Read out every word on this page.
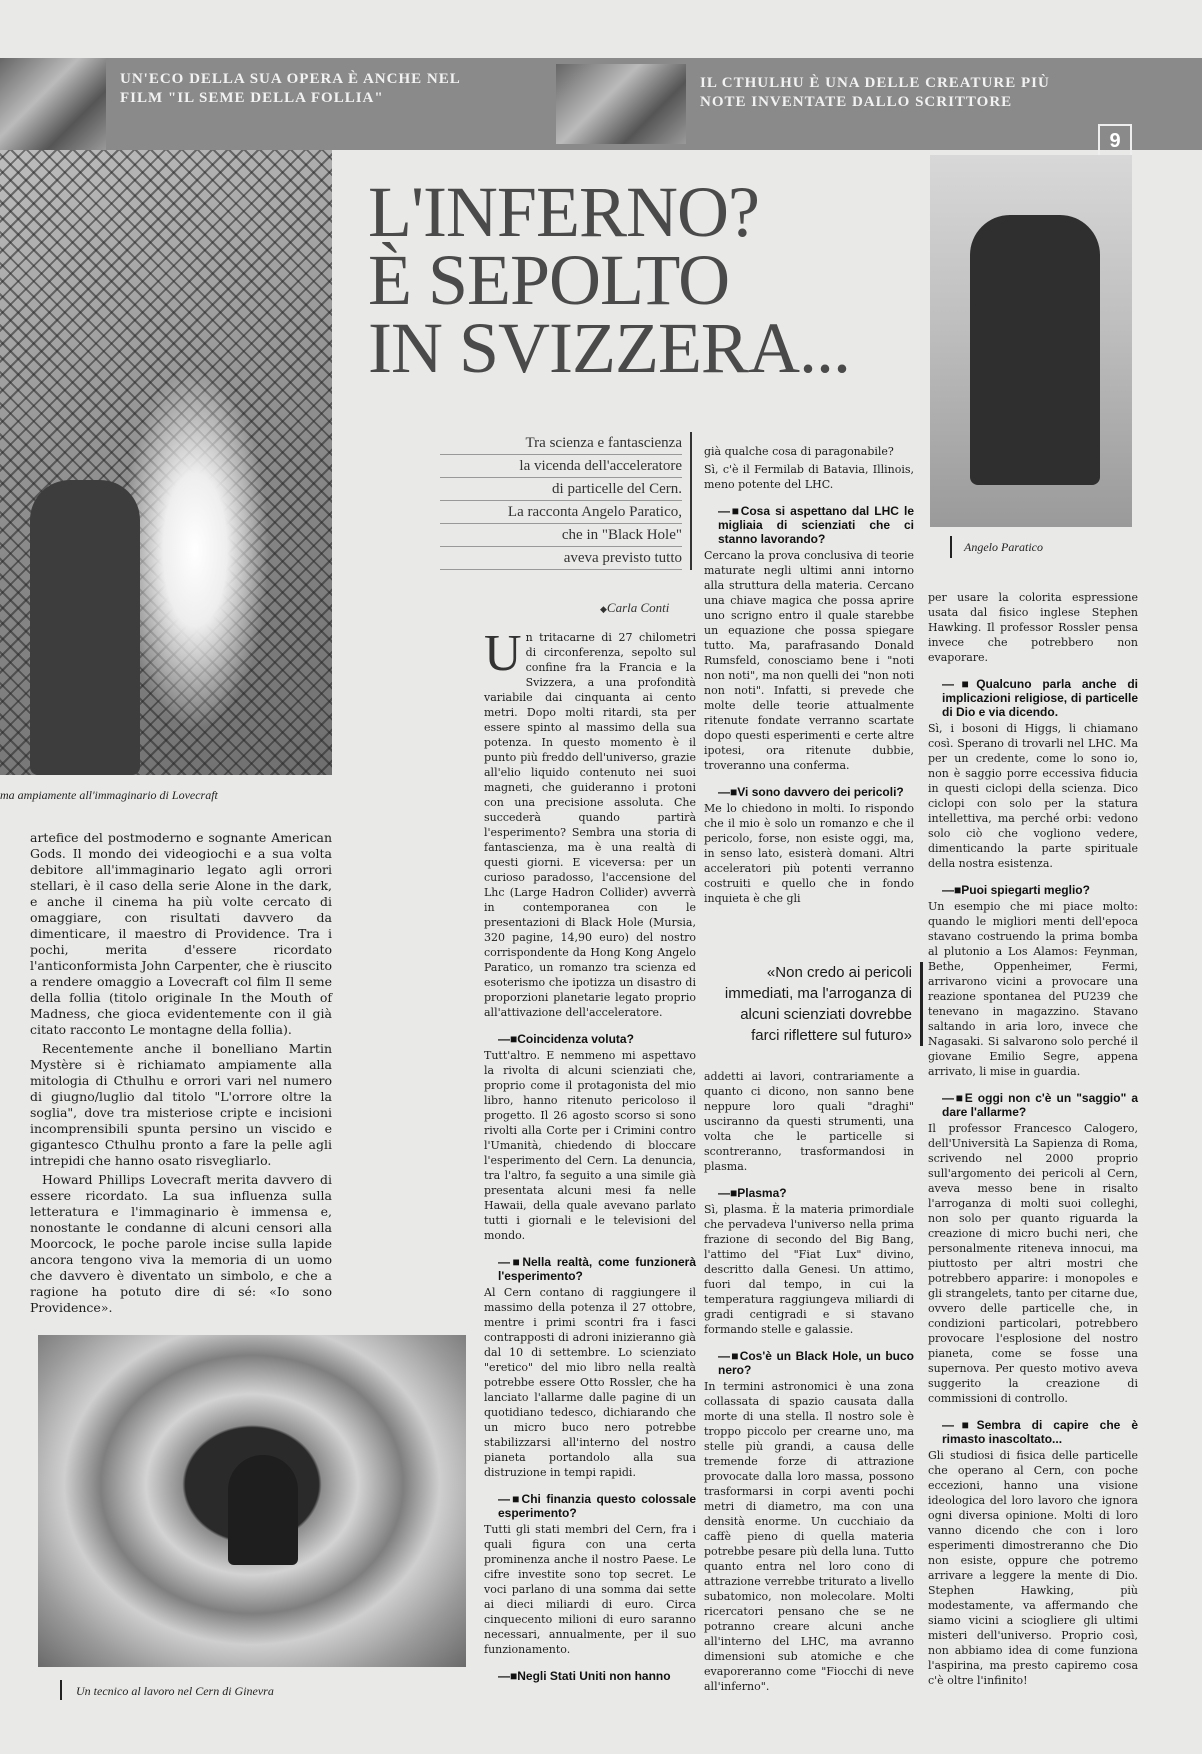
UN'ECO DELLA SUA OPERA È ANCHE NEL FILM "IL SEME DELLA FOLLIA"
IL CTHULHU È UNA DELLE CREATURE PIÙ NOTE INVENTATE DALLO SCRITTORE
9
ma ampiamente all'immaginario di Lovecraft
L'INFERNO?
È SEPOLTO
IN SVIZZERA...
Angelo Paratico
Tra scienza e fantascienza
la vicenda dell'acceleratore
di particelle del Cern.
La racconta Angelo Paratico,
che in "Black Hole"
aveva previsto tutto
◆ Carla Conti

artefice del postmoderno e sognante American Gods. Il mondo dei videogiochi e a sua volta debitore all'immaginario legato agli orrori stellari, è il caso della serie Alone in the dark, e anche il cinema ha più volte cercato di omaggiare, con risultati davvero da dimenticare, il maestro di Providence. Tra i pochi, merita d'essere ricordato l'anticonformista John Carpenter, che è riuscito a rendere omaggio a Lovecraft col film Il seme della follia (titolo originale In the Mouth of Madness, che gioca evidentemente con il già citato racconto Le montagne della follia).

Recentemente anche il bonelliano Martin Mystère si è richiamato ampiamente alla mitologia di Cthulhu e orrori vari nel numero di giugno/luglio dal titolo "L'orrore oltre la soglia", dove tra misteriose cripte e incisioni incomprensibili spunta persino un viscido e gigantesco Cthulhu pronto a fare la pelle agli intrepidi che hanno osato risvegliarlo.

Howard Phillips Lovecraft merita davvero di essere ricordato. La sua influenza sulla letteratura e l'immaginario è immensa e, nonostante le condanne di alcuni censori alla Moorcock, le poche parole incise sulla lapide ancora tengono viva la memoria di un uomo che davvero è diventato un simbolo, e che a ragione ha potuto dire di sé: «Io sono Providence».

Un tecnico al lavoro nel Cern di Ginevra

Un tritacarne di 27 chilometri di circonferenza, sepolto sul confine fra la Francia e la Svizzera, a una profondità variabile dai cinquanta ai cento metri. Dopo molti ritardi, sta per essere spinto al massimo della sua potenza. In questo momento è il punto più freddo dell'universo, grazie all'elio liquido contenuto nei suoi magneti, che guideranno i protoni con una precisione assoluta. Che succederà quando partirà l'esperimento? Sembra una storia di fantascienza, ma è una realtà di questi giorni. E viceversa: per un curioso paradosso, l'accensione del Lhc (Large Hadron Collider) avverrà in contemporanea con le presentazioni di Black Hole (Mursia, 320 pagine, 14,90 euro) del nostro corrispondente da Hong Kong Angelo Paratico, un romanzo tra scienza ed esoterismo che ipotizza un disastro di proporzioni planetarie legato proprio all'attivazione dell'acceleratore.

—■ Coincidenza voluta?

Tutt'altro. E nemmeno mi aspettavo la rivolta di alcuni scienziati che, proprio come il protagonista del mio libro, hanno ritenuto pericoloso il progetto. Il 26 agosto scorso si sono rivolti alla Corte per i Crimini contro l'Umanità, chiedendo di bloccare l'esperimento del Cern. La denuncia, tra l'altro, fa seguito a una simile già presentata alcuni mesi fa nelle Hawaii, della quale avevano parlato tutti i giornali e le televisioni del mondo.

—■ Nella realtà, come funzionerà l'esperimento?

Al Cern contano di raggiungere il massimo della potenza il 27 ottobre, mentre i primi scontri fra i fasci contrapposti di adroni inizieranno già dal 10 di settembre. Lo scienziato "eretico" del mio libro nella realtà potrebbe essere Otto Rossler, che ha lanciato l'allarme dalle pagine di un quotidiano tedesco, dichiarando che un micro buco nero potrebbe stabilizzarsi all'interno del nostro pianeta portandolo alla sua distruzione in tempi rapidi.

—■ Chi finanzia questo colossale esperimento?

Tutti gli stati membri del Cern, fra i quali figura con una certa prominenza anche il nostro Paese. Le cifre investite sono top secret. Le voci parlano di una somma dai sette ai dieci miliardi di euro. Circa cinquecento milioni di euro saranno necessari, annualmente, per il suo funzionamento.

—■ Negli Stati Uniti non hanno

già qualche cosa di paragonabile?

Sì, c'è il Fermilab di Batavia, Illinois, meno potente del LHC.

—■ Cosa si aspettano dal LHC le migliaia di scienziati che ci stanno lavorando?

Cercano la prova conclusiva di teorie maturate negli ultimi anni intorno alla struttura della materia. Cercano una chiave magica che possa aprire uno scrigno entro il quale starebbe un equazione che possa spiegare tutto. Ma, parafrasando Donald Rumsfeld, conosciamo bene i "noti non noti", ma non quelli dei "non noti non noti". Infatti, si prevede che molte delle teorie attualmente ritenute fondate verranno scartate dopo questi esperimenti e certe altre ipotesi, ora ritenute dubbie, troveranno una conferma.

—■ Vi sono davvero dei pericoli?

Me lo chiedono in molti. Io rispondo che il mio è solo un romanzo e che il pericolo, forse, non esiste oggi, ma, in senso lato, esisterà domani. Altri acceleratori più potenti verranno costruiti e quello che in fondo inquieta è che gli

addetti ai lavori, contrariamente a quanto ci dicono, non sanno bene neppure loro quali "draghi" usciranno da questi strumenti, una volta che le particelle si scontreranno, trasformandosi in plasma.

—■ Plasma?

Sì, plasma. È la materia primordiale che pervadeva l'universo nella prima frazione di secondo del Big Bang, l'attimo del "Fiat Lux" divino, descritto dalla Genesi. Un attimo, fuori dal tempo, in cui la temperatura raggiungeva miliardi di gradi centigradi e si stavano formando stelle e galassie.

—■ Cos'è un Black Hole, un buco nero?

In termini astronomici è una zona collassata di spazio causata dalla morte di una stella. Il nostro sole è troppo piccolo per crearne uno, ma stelle più grandi, a causa delle tremende forze di attrazione provocate dalla loro massa, possono trasformarsi in corpi aventi pochi metri di diametro, ma con una densità enorme. Un cucchiaio da caffè pieno di quella materia potrebbe pesare più della luna. Tutto quanto entra nel loro cono di attrazione verrebbe triturato a livello subatomico, non molecolare. Molti ricercatori pensano che se ne potranno creare alcuni anche all'interno del LHC, ma avranno dimensioni sub atomiche e che evaporeranno come "Fiocchi di neve all'inferno".

«Non credo ai pericoli immediati, ma l'arroganza di alcuni scienziati dovrebbe farci riflettere sul futuro»

per usare la colorita espressione usata dal fisico inglese Stephen Hawking. Il professor Rossler pensa invece che potrebbero non evaporare.

—■ Qualcuno parla anche di implicazioni religiose, di particelle di Dio e via dicendo.

Sì, i bosoni di Higgs, li chiamano così. Sperano di trovarli nel LHC. Ma per un credente, come lo sono io, non è saggio porre eccessiva fiducia in questi ciclopi della scienza. Dico ciclopi con solo per la statura intellettiva, ma perché orbi: vedono solo ciò che vogliono vedere, dimenticando la parte spirituale della nostra esistenza.

—■ Puoi spiegarti meglio?

Un esempio che mi piace molto: quando le migliori menti dell'epoca stavano costruendo la prima bomba al plutonio a Los Alamos: Feynman, Bethe, Oppenheimer, Fermi, arrivarono vicini a provocare una reazione spontanea del PU239 che tenevano in magazzino. Stavano saltando in aria loro, invece che Nagasaki. Si salvarono solo perché il giovane Emilio Segre, appena arrivato, li mise in guardia.

—■ E oggi non c'è un "saggio" a dare l'allarme?

Il professor Francesco Calogero, dell'Università La Sapienza di Roma, scrivendo nel 2000 proprio sull'argomento dei pericoli al Cern, aveva messo bene in risalto l'arroganza di molti suoi colleghi, non solo per quanto riguarda la creazione di micro buchi neri, che personalmente riteneva innocui, ma piuttosto per altri mostri che potrebbero apparire: i monopoles e gli strangelets, tanto per citarne due, ovvero delle particelle che, in condizioni particolari, potrebbero provocare l'esplosione del nostro pianeta, come se fosse una supernova. Per questo motivo aveva suggerito la creazione di commissioni di controllo.

—■ Sembra di capire che è rimasto inascoltato...

Gli studiosi di fisica delle particelle che operano al Cern, con poche eccezioni, hanno una visione ideologica del loro lavoro che ignora ogni diversa opinione. Molti di loro vanno dicendo che con i loro esperimenti dimostreranno che Dio non esiste, oppure che potremo arrivare a leggere la mente di Dio. Stephen Hawking, più modestamente, va affermando che siamo vicini a sciogliere gli ultimi misteri dell'universo. Proprio così, non abbiamo idea di come funziona l'aspirina, ma presto capiremo cosa c'è oltre l'infinito!
